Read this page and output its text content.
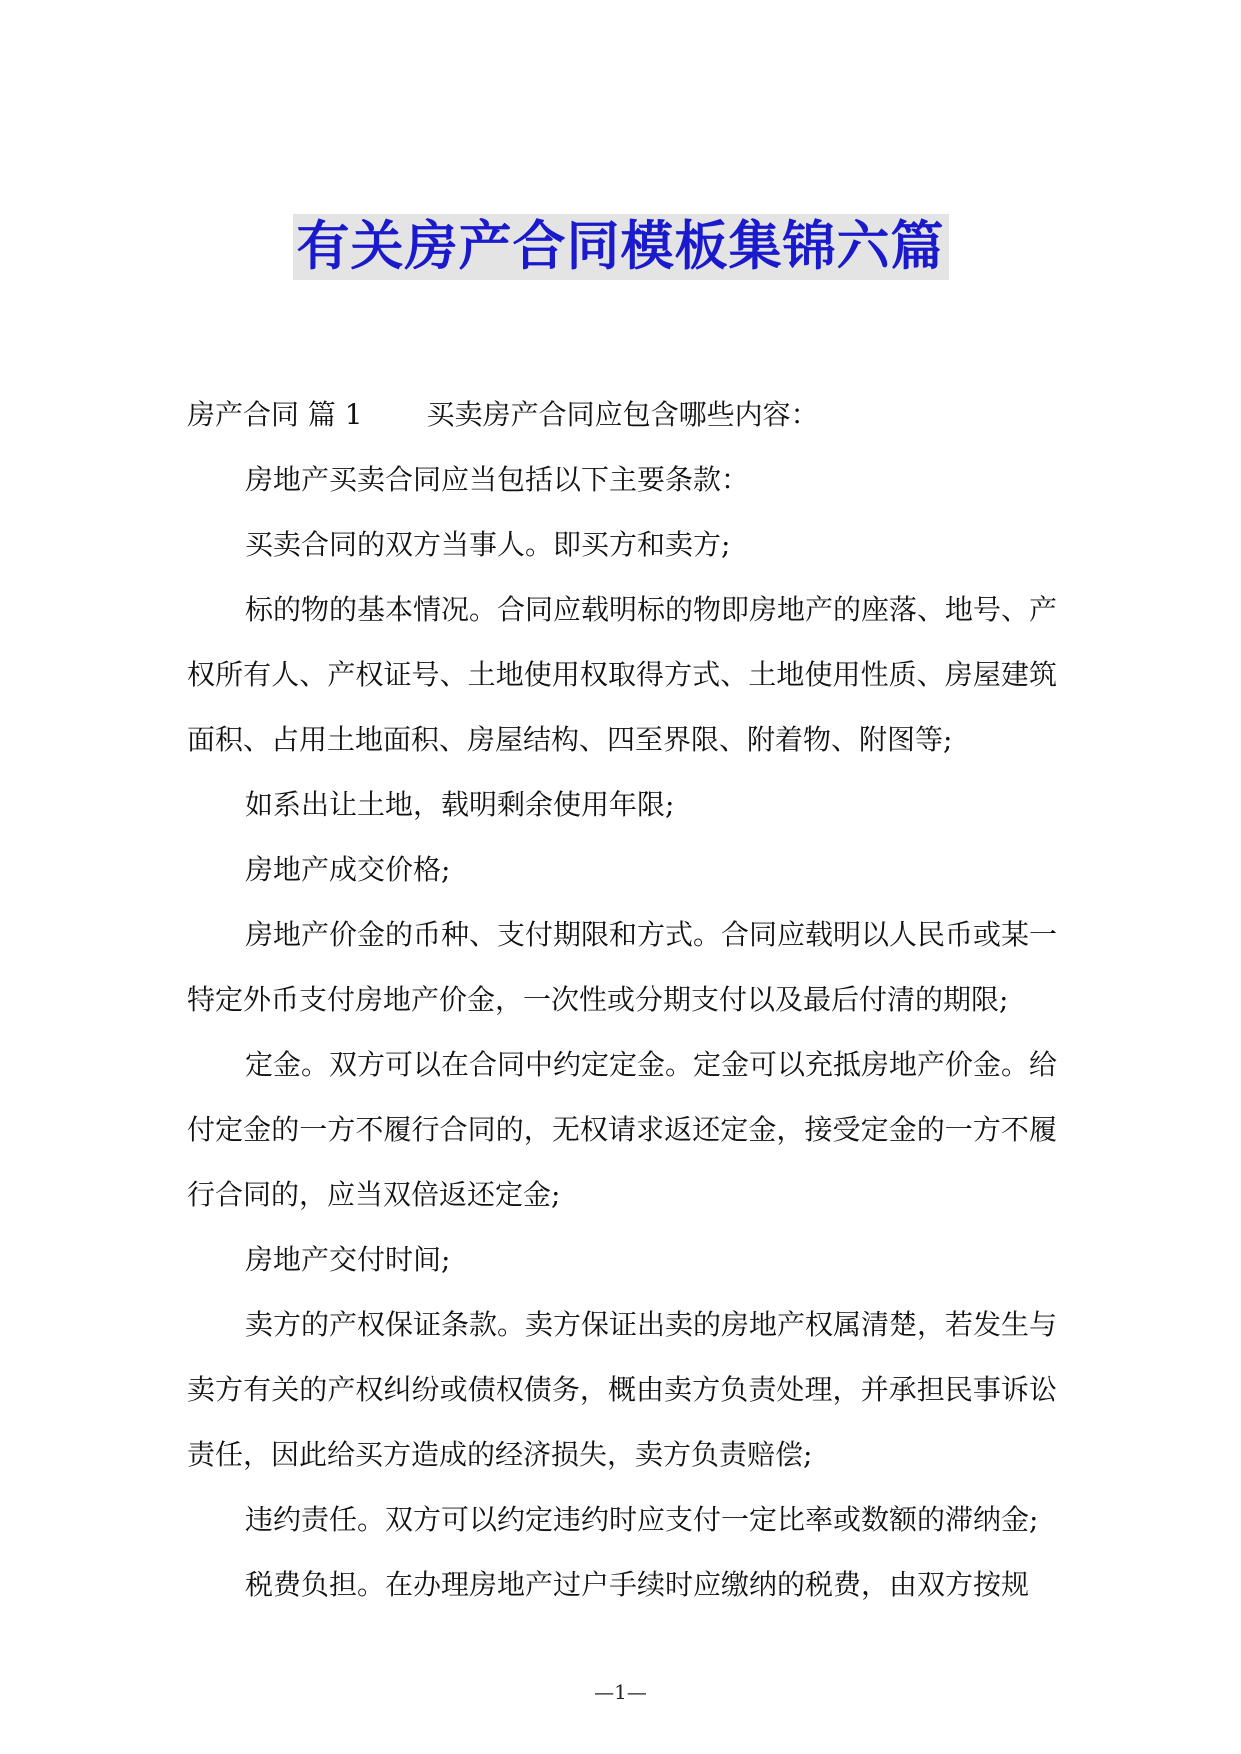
有关房产合同模板集锦六篇

房产合同 篇 1 买卖房产合同应包含哪些内容：

房地产买卖合同应当包括以下主要条款：

买卖合同的双方当事人。即买方和卖方;

标的物的基本情况。合同应载明标的物即房地产的座落、地号、产权所有人、产权证号、土地使用权取得方式、土地使用性质、房屋建筑面积、占用土地面积、房屋结构、四至界限、附着物、附图等;

如系出让土地，载明剩余使用年限;

房地产成交价格;

房地产价金的币种、支付期限和方式。合同应载明以人民币或某一特定外币支付房地产价金，一次性或分期支付以及最后付清的期限;

定金。双方可以在合同中约定定金。定金可以充抵房地产价金。给付定金的一方不履行合同的，无权请求返还定金，接受定金的一方不履行合同的，应当双倍返还定金;

房地产交付时间;

卖方的产权保证条款。卖方保证出卖的房地产权属清楚，若发生与卖方有关的产权纠纷或债权债务，概由卖方负责处理，并承担民事诉讼责任，因此给买方造成的经济损失，卖方负责赔偿;

违约责任。双方可以约定违约时应支付一定比率或数额的滞纳金;

税费负担。在办理房地产过户手续时应缴纳的税费，由双方按规

—1—
